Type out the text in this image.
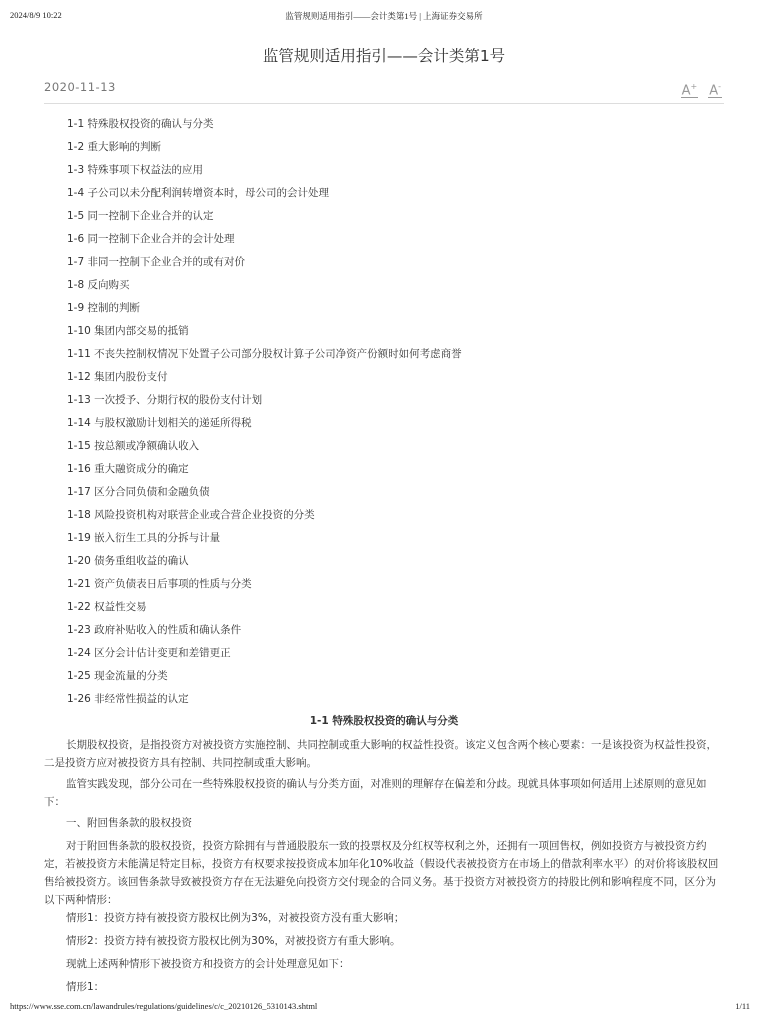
2024/8/9 10:22	监管规则适用指引——会计类第1号 | 上海证券交易所
监管规则适用指引——会计类第1号
2020-11-13	A+ A-
1-1 特殊股权投资的确认与分类
1-2 重大影响的判断
1-3 特殊事项下权益法的应用
1-4 子公司以未分配利润转增资本时，母公司的会计处理
1-5 同一控制下企业合并的认定
1-6 同一控制下企业合并的会计处理
1-7 非同一控制下企业合并的或有对价
1-8 反向购买
1-9 控制的判断
1-10 集团内部交易的抵销
1-11 不丧失控制权情况下处置子公司部分股权计算子公司净资产份额时如何考虑商誉
1-12 集团内股份支付
1-13 一次授予、分期行权的股份支付计划
1-14 与股权激励计划相关的递延所得税
1-15 按总额或净额确认收入
1-16 重大融资成分的确定
1-17 区分合同负债和金融负债
1-18 风险投资机构对联营企业或合营企业投资的分类
1-19 嵌入衍生工具的分拆与计量
1-20 债务重组收益的确认
1-21 资产负债表日后事项的性质与分类
1-22 权益性交易
1-23 政府补贴收入的性质和确认条件
1-24 区分会计估计变更和差错更正
1-25 现金流量的分类
1-26 非经常性损益的认定
1-1 特殊股权投资的确认与分类

长期股权投资，是指投资方对被投资方实施控制、共同控制或重大影响的权益性投资。该定义包含两个核心要素：一是该投资为权益性投资，二是投资方应对被投资方具有控制、共同控制或重大影响。

监管实践发现，部分公司在一些特殊股权投资的确认与分类方面，对准则的理解存在偏差和分歧。现就具体事项如何适用上述原则的意见如下：

一、附回售条款的股权投资

对于附回售条款的股权投资，投资方除拥有与普通股股东一致的投票权及分红权等权利之外，还拥有一项回售权，例如投资方与被投资方约定，若被投资方未能满足特定目标，投资方有权要求按投资成本加年化10%收益（假设代表被投资方在市场上的借款利率水平）的对价将该股权回售给被投资方。该回售条款导致被投资方存在无法避免向投资方交付现金的合同义务。基于投资方对被投资方的持股比例和影响程度不同，区分为以下两种情形：

情形1：投资方持有被投资方股权比例为3%，对被投资方没有重大影响；

情形2：投资方持有被投资方股权比例为30%，对被投资方有重大影响。

现就上述两种情形下被投资方和投资方的会计处理意见如下：

情形1：

https://www.sse.com.cn/lawandrules/regulations/guidelines/c/c_20210126_5310143.shtml	1/11
